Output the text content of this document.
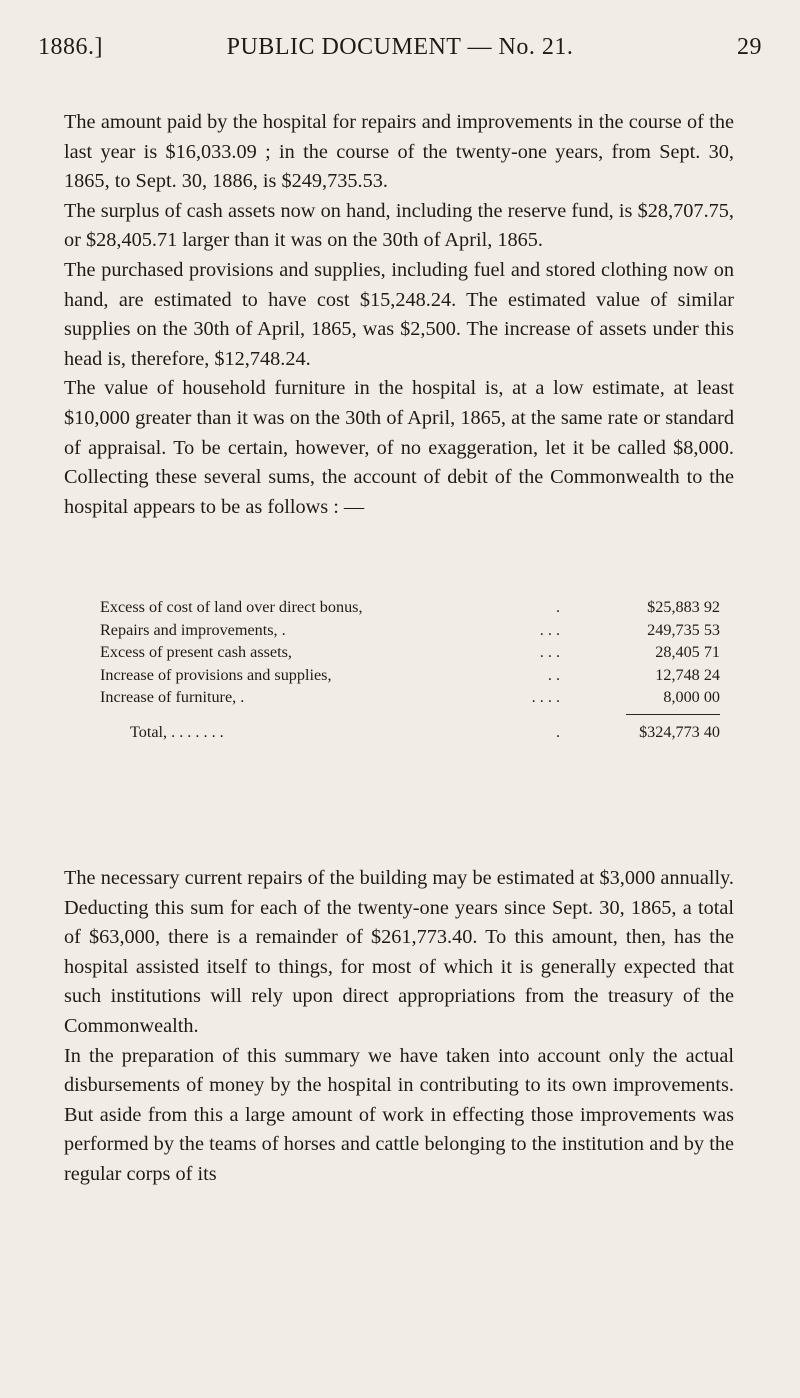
1886.]	PUBLIC DOCUMENT — No. 21.	29

The amount paid by the hospital for repairs and improvements in the course of the last year is $16,033.09 ; in the course of the twenty-one years, from Sept. 30, 1865, to Sept. 30, 1886, is $249,735.53.

The surplus of cash assets now on hand, including the reserve fund, is $28,707.75, or $28,405.71 larger than it was on the 30th of April, 1865.

The purchased provisions and supplies, including fuel and stored clothing now on hand, are estimated to have cost $15,248.24. The estimated value of similar supplies on the 30th of April, 1865, was $2,500. The increase of assets under this head is, therefore, $12,748.24.

The value of household furniture in the hospital is, at a low estimate, at least $10,000 greater than it was on the 30th of April, 1865, at the same rate or standard of appraisal. To be certain, however, of no exaggeration, let it be called $8,000. Collecting these several sums, the account of debit of the Commonwealth to the hospital appears to be as follows : —

Excess of cost of land over direct bonus,	.	$25,883 92
Repairs and improvements, .	. . .	249,735 53
Excess of present cash assets,	. . .	28,405 71
Increase of provisions and supplies,	. .	12,748 24
Increase of furniture, .	. . . .	8,000 00
Total, . . . . . . .	.	$324,773 40

The necessary current repairs of the building may be estimated at $3,000 annually. Deducting this sum for each of the twenty-one years since Sept. 30, 1865, a total of $63,000, there is a remainder of $261,773.40. To this amount, then, has the hospital assisted itself to things, for most of which it is generally expected that such institutions will rely upon direct appropriations from the treasury of the Commonwealth.

In the preparation of this summary we have taken into account only the actual disbursements of money by the hospital in contributing to its own improvements. But aside from this a large amount of work in effecting those improvements was performed by the teams of horses and cattle belonging to the institution and by the regular corps of its
